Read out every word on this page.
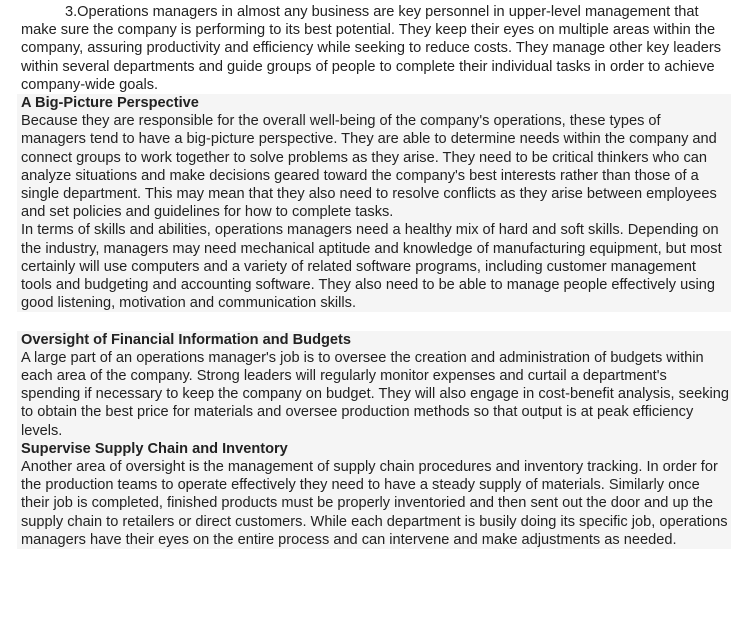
3.Operations managers in almost any business are key personnel in upper-level management that make sure the company is performing to its best potential. They keep their eyes on multiple areas within the company, assuring productivity and efficiency while seeking to reduce costs. They manage other key leaders within several departments and guide groups of people to complete their individual tasks in order to achieve company-wide goals.

A Big-Picture Perspective

Because they are responsible for the overall well-being of the company's operations, these types of managers tend to have a big-picture perspective. They are able to determine needs within the company and connect groups to work together to solve problems as they arise. They need to be critical thinkers who can analyze situations and make decisions geared toward the company's best interests rather than those of a single department. This may mean that they also need to resolve conflicts as they arise between employees and set policies and guidelines for how to complete tasks.

In terms of skills and abilities, operations managers need a healthy mix of hard and soft skills. Depending on the industry, managers may need mechanical aptitude and knowledge of manufacturing equipment, but most certainly will use computers and a variety of related software programs, including customer management tools and budgeting and accounting software. They also need to be able to manage people effectively using good listening, motivation and communication skills.

Oversight of Financial Information and Budgets

A large part of an operations manager's job is to oversee the creation and administration of budgets within each area of the company. Strong leaders will regularly monitor expenses and curtail a department's spending if necessary to keep the company on budget. They will also engage in cost-benefit analysis, seeking to obtain the best price for materials and oversee production methods so that output is at peak efficiency levels.

Supervise Supply Chain and Inventory

Another area of oversight is the management of supply chain procedures and inventory tracking. In order for the production teams to operate effectively they need to have a steady supply of materials. Similarly once their job is completed, finished products must be properly inventoried and then sent out the door and up the supply chain to retailers or direct customers. While each department is busily doing its specific job, operations managers have their eyes on the entire process and can intervene and make adjustments as needed.
